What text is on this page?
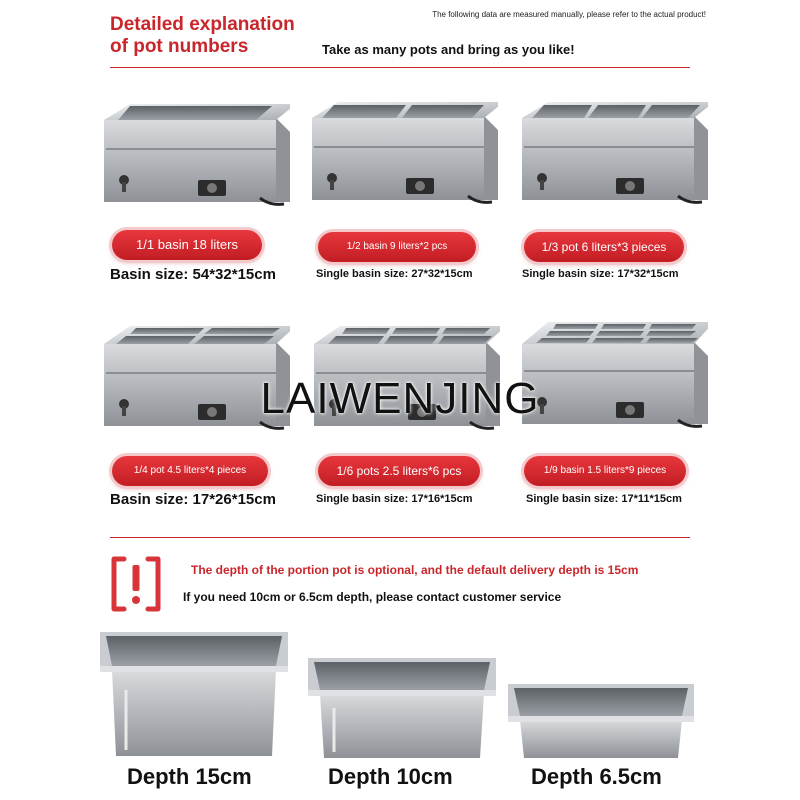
Detailed explanation
of pot numbers
The following data are measured manually, please refer to the actual product!
Take as many pots and bring as you like!
1/1 basin 18 liters
Basin size: 54*32*15cm
1/2 basin 9 liters*2 pcs
Single basin size: 27*32*15cm
1/3 pot 6 liters*3 pieces
Single basin size: 17*32*15cm
LAIWENJING
1/4 pot 4.5 liters*4 pieces
Basin size: 17*26*15cm
1/6 pots 2.5 liters*6 pcs
Single basin size: 17*16*15cm
1/9 basin 1.5 liters*9 pieces
Single basin size: 17*11*15cm
The depth of the portion pot is optional, and the default delivery depth is 15cm
If you need 10cm or 6.5cm depth, please contact customer service
Depth 15cm	Depth 10cm	Depth 6.5cm
